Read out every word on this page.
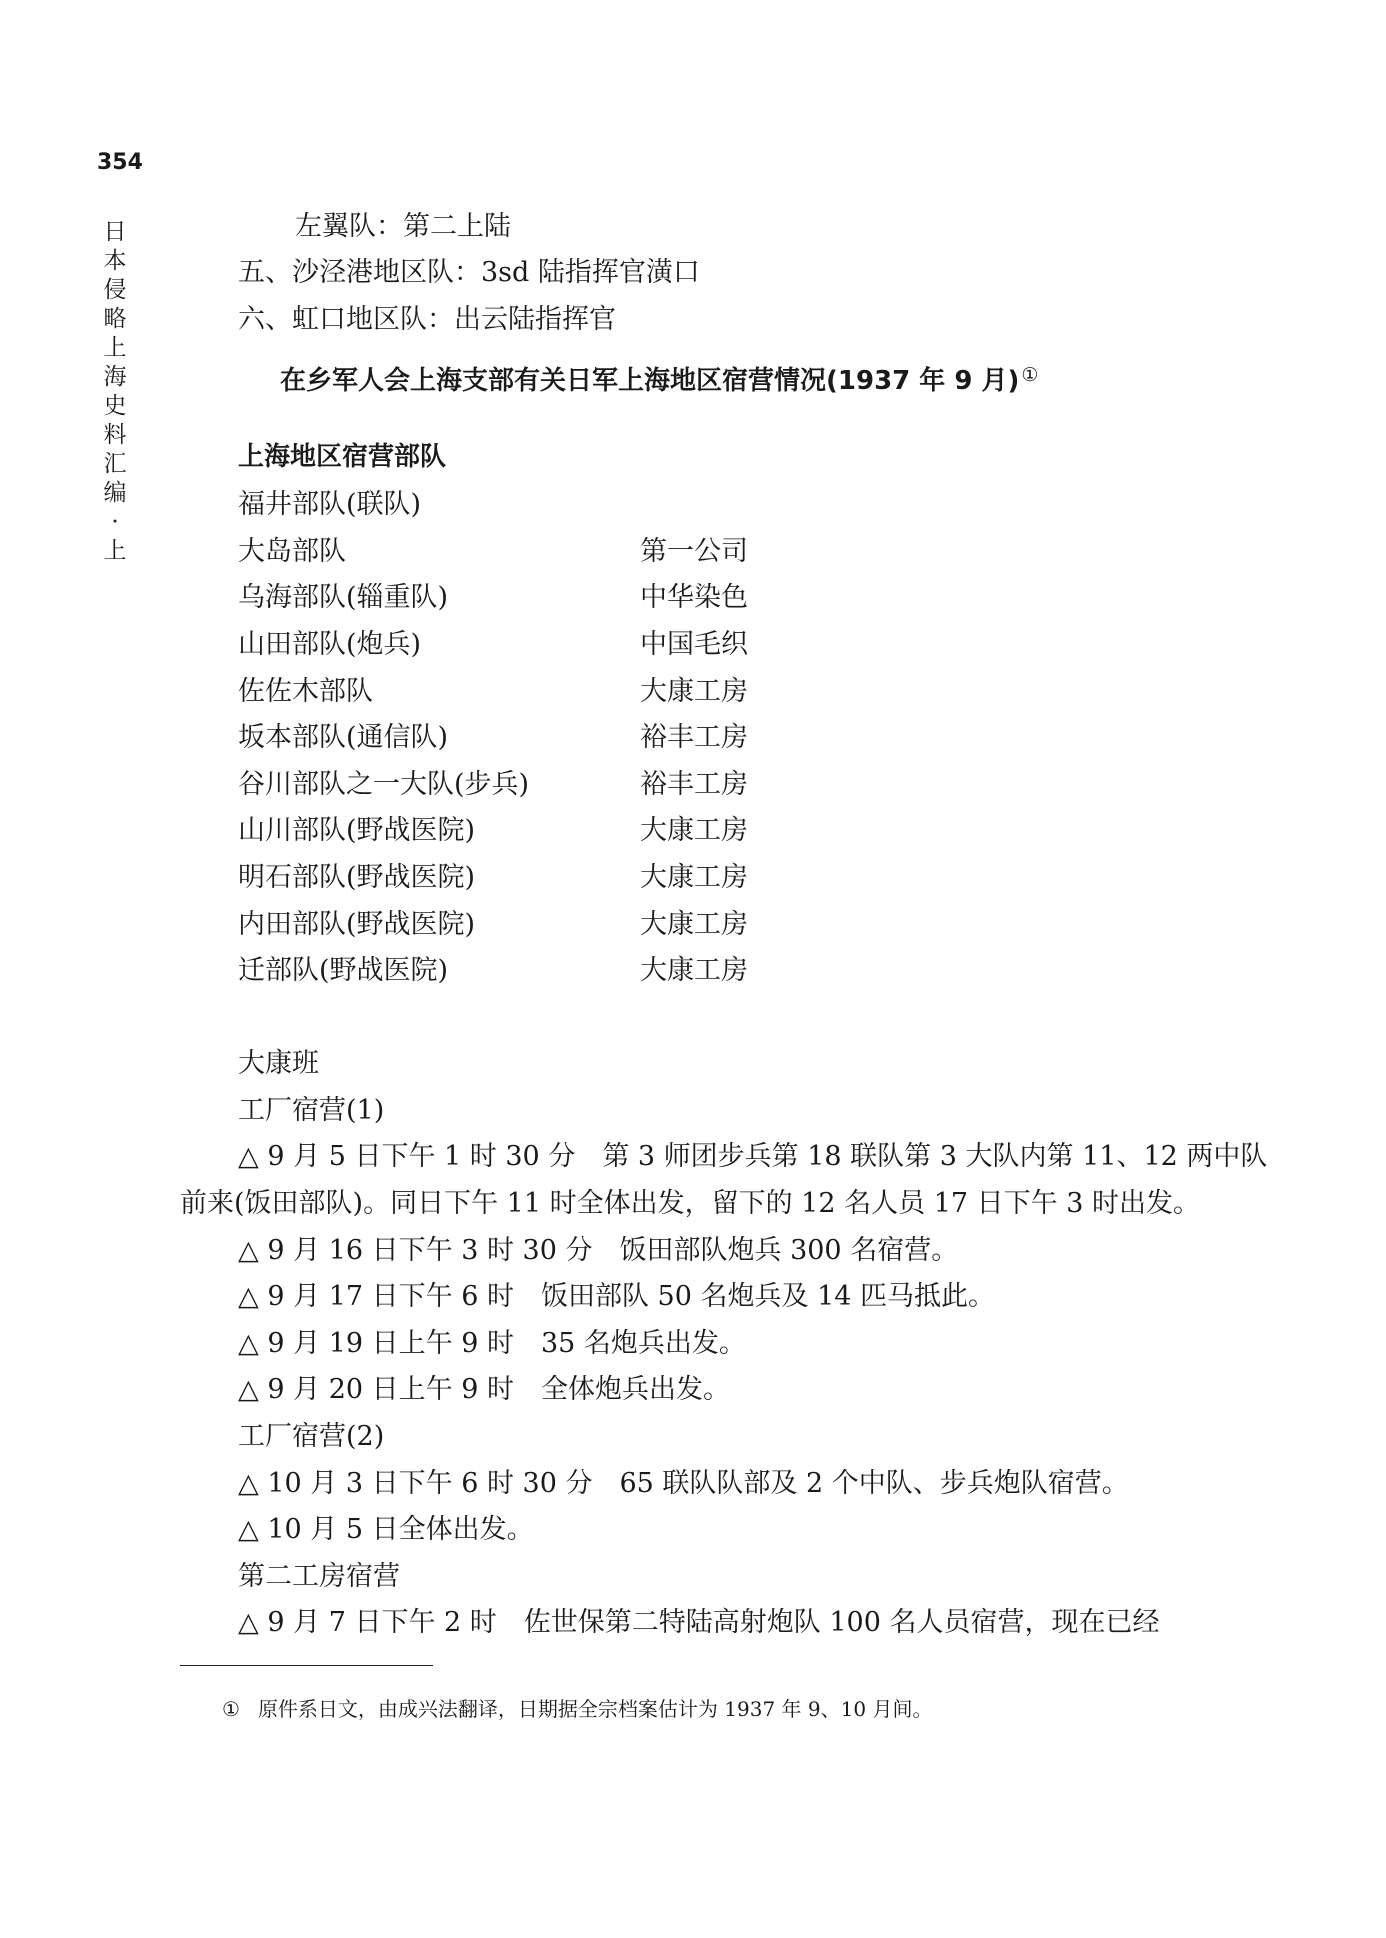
354
日本侵略上海史料汇编·上
左翼队：第二上陆
五、沙泾港地区队：3sd 陆指挥官潢口
六、虹口地区队：出云陆指挥官
在乡军人会上海支部有关日军上海地区宿营情况(1937 年 9 月) ①
上海地区宿营部队
福井部队(联队)
大岛部队	第一公司
乌海部队(辎重队)	中华染色
山田部队(炮兵)	中国毛织
佐佐木部队	大康工房
坂本部队(通信队)	裕丰工房
谷川部队之一大队(步兵)	裕丰工房
山川部队(野战医院)	大康工房
明石部队(野战医院)	大康工房
内田部队(野战医院)	大康工房
迁部队(野战医院)	大康工房
大康班
工厂宿营(1)
△ 9 月 5 日下午 1 时 30 分　第 3 师团步兵第 18 联队第 3 大队内第 11、12 两中队
前来(饭田部队)。同日下午 11 时全体出发，留下的 12 名人员 17 日下午 3 时出发。
△ 9 月 16 日下午 3 时 30 分　饭田部队炮兵 300 名宿营。
△ 9 月 17 日下午 6 时　饭田部队 50 名炮兵及 14 匹马抵此。
△ 9 月 19 日上午 9 时　35 名炮兵出发。
△ 9 月 20 日上午 9 时　全体炮兵出发。
工厂宿营(2)
△ 10 月 3 日下午 6 时 30 分　65 联队队部及 2 个中队、步兵炮队宿营。
△ 10 月 5 日全体出发。
第二工房宿营
△ 9 月 7 日下午 2 时　佐世保第二特陆高射炮队 100 名人员宿营，现在已经
① 原件系日文，由成兴法翻译，日期据全宗档案估计为 1937 年 9、10 月间。
